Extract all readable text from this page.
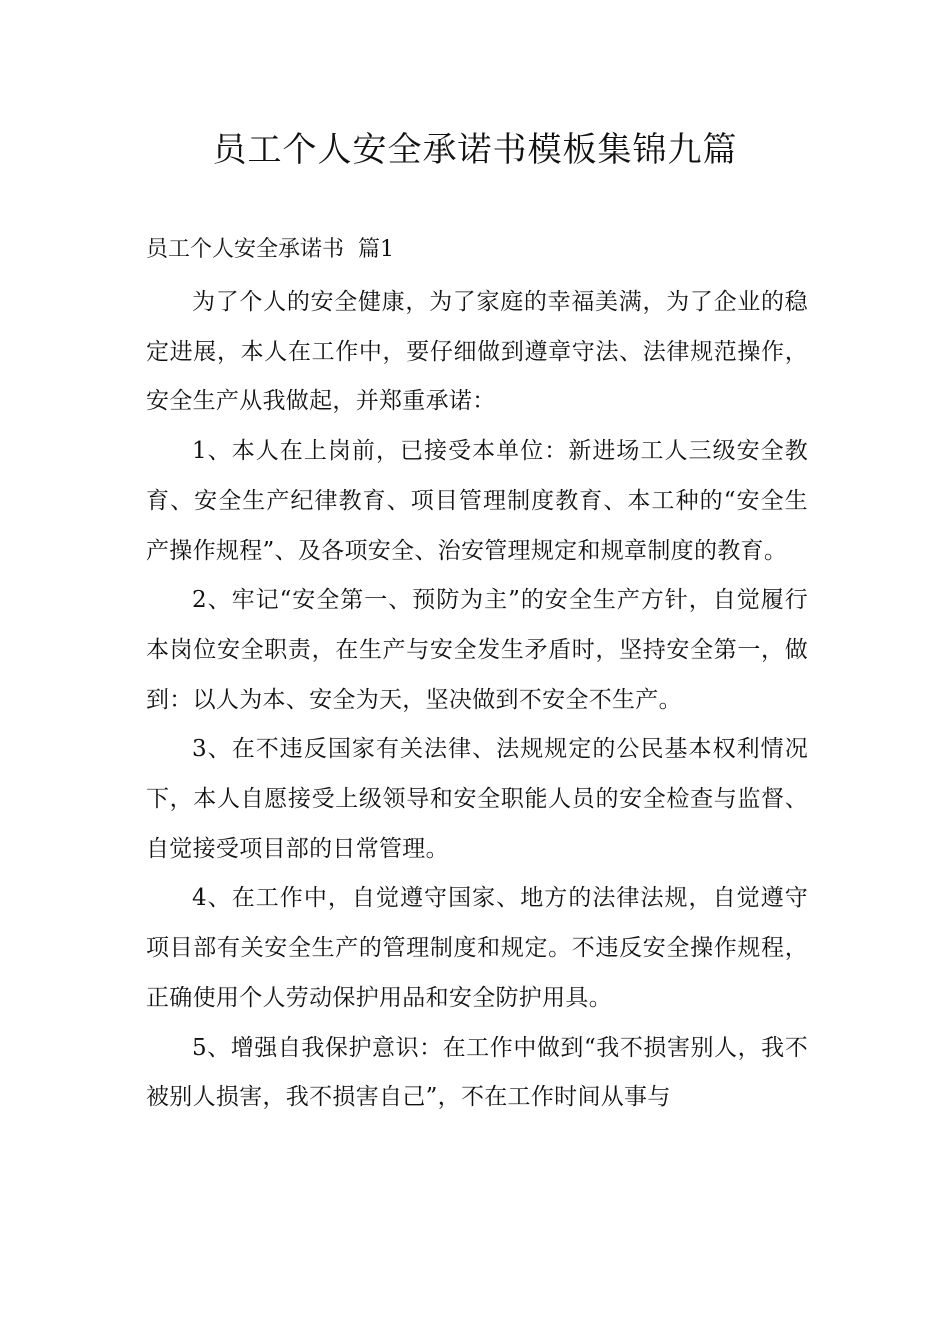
员工个人安全承诺书模板集锦九篇
员工个人安全承诺书  篇1

为了个人的安全健康，为了家庭的幸福美满，为了企业的稳定进展，本人在工作中，要仔细做到遵章守法、法律规范操作，安全生产从我做起，并郑重承诺：

1、本人在上岗前，已接受本单位：新进场工人三级安全教育、安全生产纪律教育、项目管理制度教育、本工种的“安全生产操作规程”、及各项安全、治安管理规定和规章制度的教育。

2、牢记“安全第一、预防为主”的安全生产方针，自觉履行本岗位安全职责，在生产与安全发生矛盾时，坚持安全第一，做到：以人为本、安全为天，坚决做到不安全不生产。

3、在不违反国家有关法律、法规规定的公民基本权利情况下，本人自愿接受上级领导和安全职能人员的安全检查与监督、自觉接受项目部的日常管理。

4、在工作中，自觉遵守国家、地方的法律法规，自觉遵守项目部有关安全生产的管理制度和规定。不违反安全操作规程，正确使用个人劳动保护用品和安全防护用具。

5、增强自我保护意识：在工作中做到“我不损害别人，我不被别人损害，我不损害自己”，不在工作时间从事与
